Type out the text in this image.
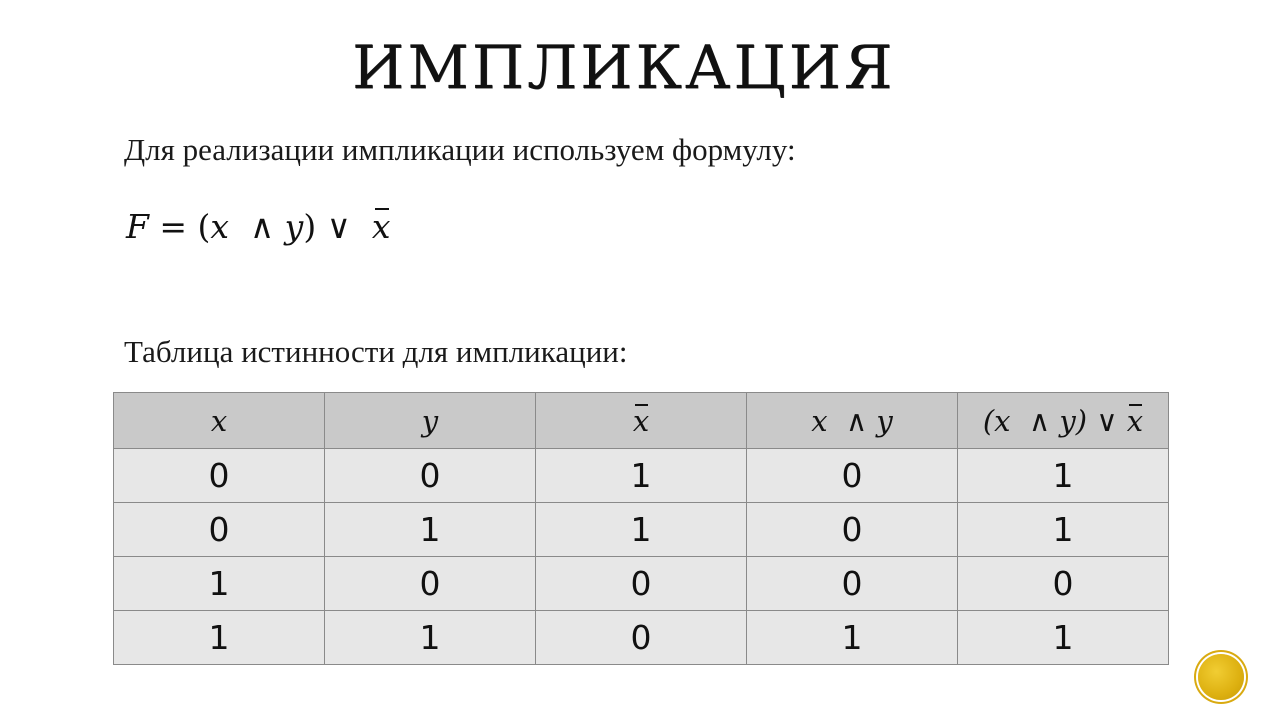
ИМПЛИКАЦИЯ
Для реализации импликации используем формулу:
F = (x  ∧ y) ∨  x
Таблица истинности для импликации:
x	y	x	x  ∧ y	(x  ∧ y) ∨ x
0	0	1	0	1
0	1	1	0	1
1	0	0	0	0
1	1	0	1	1
